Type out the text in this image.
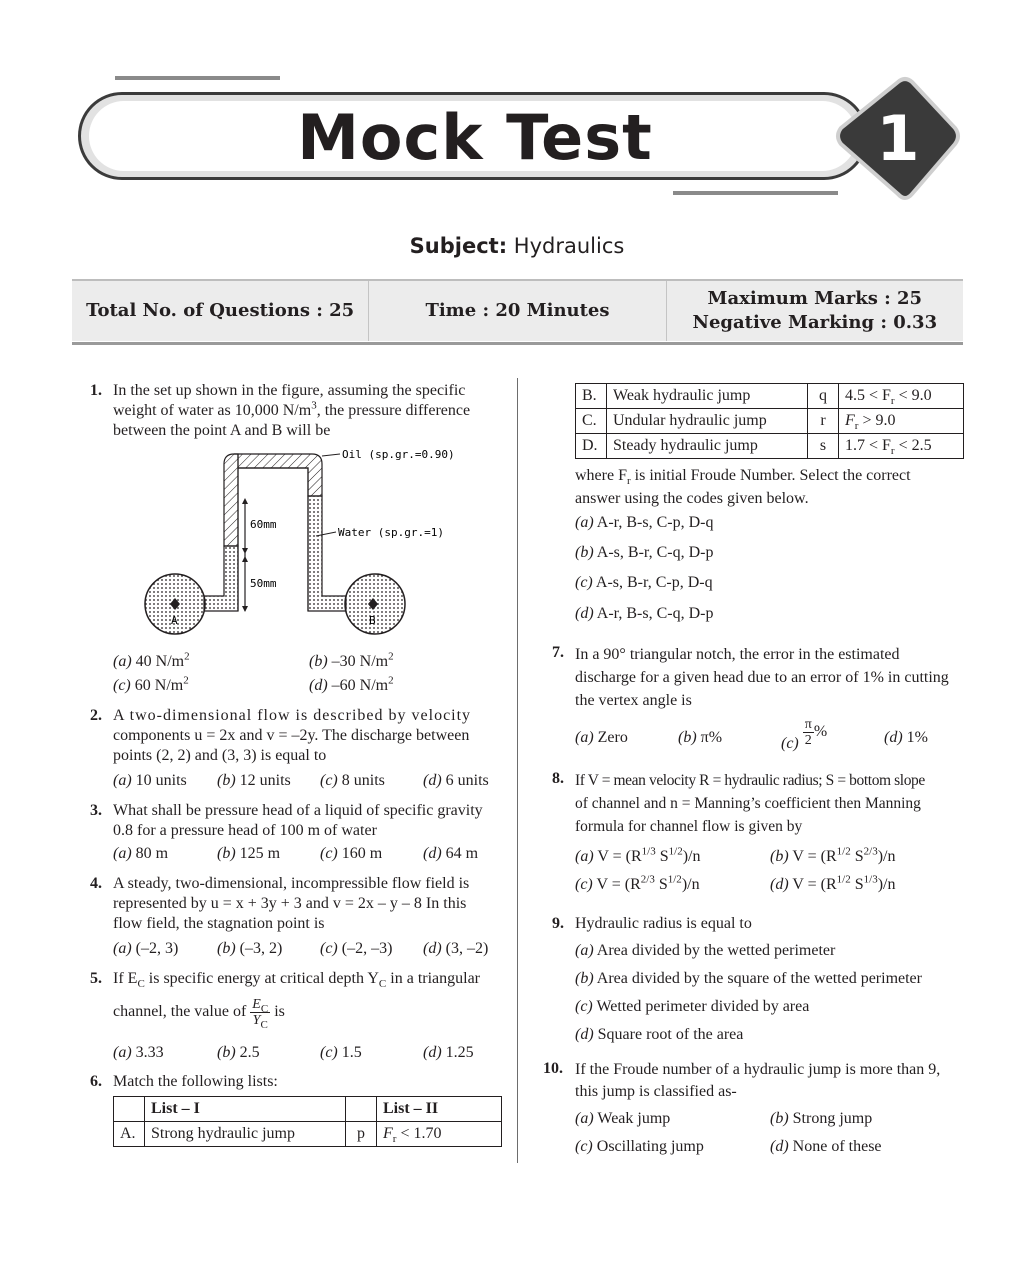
Mock Test	1
Subject: Hydraulics
Total No. of Questions : 25	Time : 20 Minutes
Maximum Marks : 25
Negative Marking : 0.33
1. In the set up shown in the figure, assuming the specific
weight of water as 10,000 $N/m^3$, the pressure difference
between the point A and B will be
Oil (sp.gr.=0.90)
Water (sp.gr.=1)
60mm
50mm
A	B
(a) 40 $N/m^2$	(b) –30 $N/m^2$
(c) 60 $N/m^2$	(d) –60 $N/m^2$
2. A two-dimensional flow is described by velocity
components u = 2x and v = –2y. The discharge between
points (2, 2) and (3, 3) is equal to
(a) 10 units (b) 12 units (c) 8 units (d) 6 units
3. What shall be pressure head of a liquid of specific gravity
0.8 for a pressure head of 100 m of water
(a) 80 m	(b) 125 m (c) 160 m	(d) 64 m
4. A steady, two-dimensional, incompressible flow field is
represented by u = x + 3y + 3 and v = 2x – y – 8 In this
flow field, the stagnation point is
(a) (–2, 3) (b) (–3, 2) (c) (–2, –3) (d) (3, –2)
5. If $E_C$ is specific energy at critical depth $Y_C$ in a triangular
channel, the value of $\frac{E_C}{Y_C}$ is
(a) 3.33	(b) 2.5	(c) 1.5	(d) 1.25
6. Match the following lists:
	List – I		List – II
A.	Strong hydraulic jump	p	$F_r < 1.70$
B.	Weak hydraulic jump	q	$4.5 < F_r < 9.0$
C.	Undular hydraulic jump	r	$F_r > 9.0$
D.	Steady hydraulic jump	s	$1.7 < F_r < 2.5$
where $F_r$ is initial Froude Number. Select the correct
answer using the codes given below.
(a) A-r, B-s, C-p, D-q
(b) A-s, B-r, C-q, D-p
(c) A-s, B-r, C-p, D-q
(d) A-r, B-s, C-q, D-p
7. In a 90° triangular notch, the error in the estimated
discharge for a given head due to an error of 1% in cutting
the vertex angle is
(a) Zero	(b) π%	$(c) \frac{\pi}{2}$ %	(d) 1%
8. If V = mean velocity R = hydraulic radius; S = bottom slope
of channel and n = Manning’s coefficient then Manning
formula for channel flow is given by
(a) $V = (R^{1/3}$ $S^{1/2})/n$	(b) $V = (R^{1/2}$ $S^{2/3})/n$
(c) $V = (R^{2/3}$ $S^{1/2})/n$	(d) $V = (R^{1/2}$ $S^{1/3})/n$
9. Hydraulic radius is equal to
(a) Area divided by the wetted perimeter
(b) Area divided by the square of the wetted perimeter
(c) Wetted perimeter divided by area
(d) Square root of the area
10. If the Froude number of a hydraulic jump is more than 9,
this jump is classified as-
(a) Weak jump	(b) Strong jump
(c) Oscillating jump	(d) None of these
